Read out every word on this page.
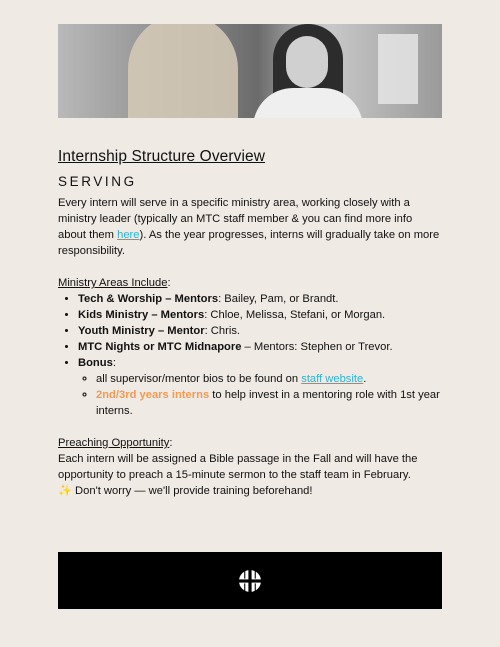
Internship Structure Overview
SERVING

Every intern will serve in a specific ministry area, working closely with a ministry leader (typically an MTC staff member & you can find more info about them here). As the year progresses, interns will gradually take on more responsibility.

Ministry Areas Include:

• Tech & Worship – Mentors: Bailey, Pam, or Brandt.
• Kids Ministry – Mentors: Chloe, Melissa, Stefani, or Morgan.
• Youth Ministry – Mentor: Chris.
• MTC Nights or MTC Midnapore – Mentors: Stephen or Trevor.
• Bonus:
◦ all supervisor/mentor bios to be found on staff website.
◦ 2nd/3rd years interns to help invest in a mentoring role with 1st year interns.

Preaching Opportunity:

Each intern will be assigned a Bible passage in the Fall and will have the opportunity to preach a 15-minute sermon to the staff team in February.

✨ Don't worry — we'll provide training beforehand!
